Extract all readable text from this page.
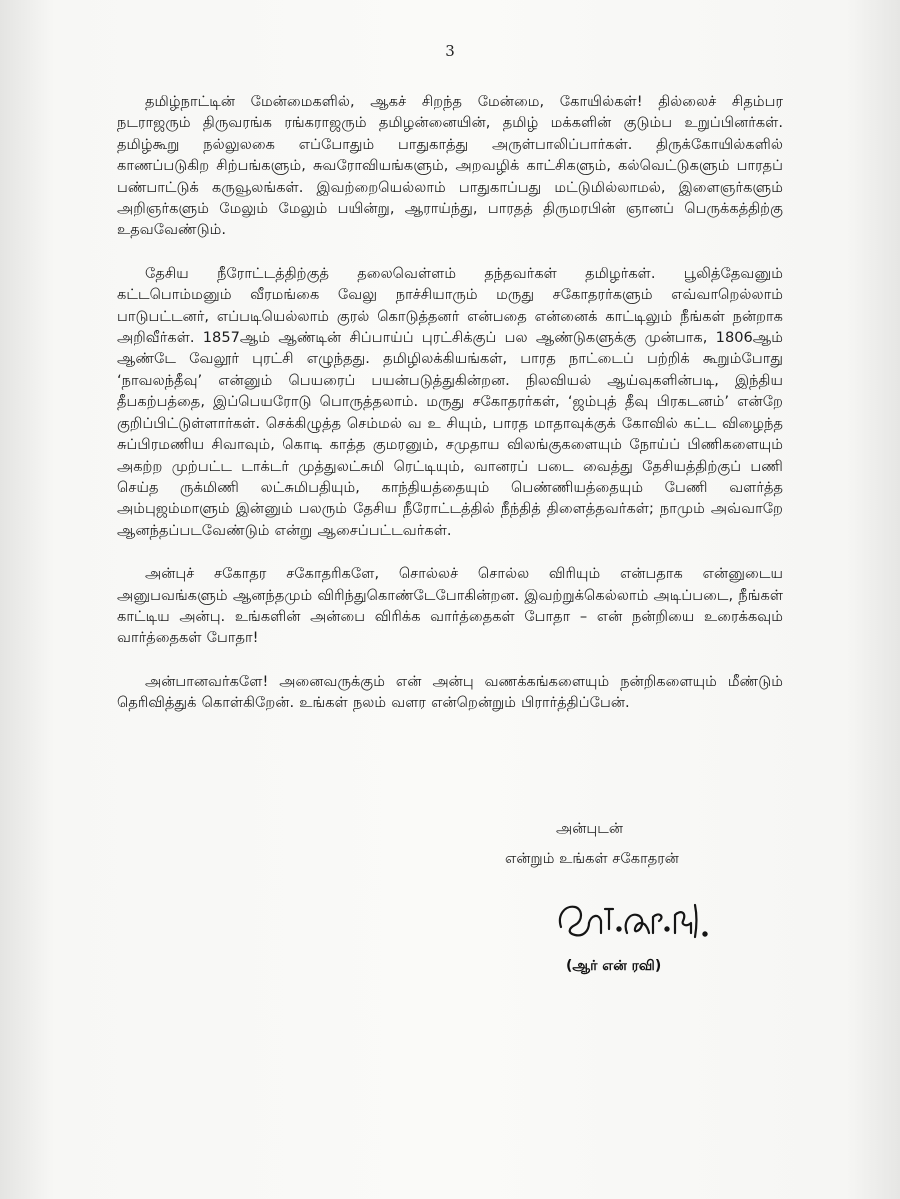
3

தமிழ்நாட்டின் மேன்மைகளில், ஆகச் சிறந்த மேன்மை, கோயில்கள்! தில்லைச் சிதம்பர நடராஜரும் திருவரங்க ரங்கராஜரும் தமிழன்னையின், தமிழ் மக்களின் குடும்ப உறுப்பினர்கள். தமிழ்கூறு நல்லுலகை எப்போதும் பாதுகாத்து அருள்பாலிப்பார்கள். திருக்கோயில்களில் காணப்படுகிற சிற்பங்களும், சுவரோவியங்களும், அறவழிக் காட்சிகளும், கல்வெட்டுகளும் பாரதப் பண்பாட்டுக் கருவூலங்கள். இவற்றையெல்லாம் பாதுகாப்பது மட்டுமில்லாமல், இளைஞர்களும் அறிஞர்களும் மேலும் மேலும் பயின்று, ஆராய்ந்து, பாரதத் திருமரபின் ஞானப் பெருக்கத்திற்கு உதவவேண்டும்.

தேசிய நீரோட்டத்திற்குத் தலைவெள்ளம் தந்தவர்கள் தமிழர்கள். பூலித்தேவனும் கட்டபொம்மனும் வீரமங்கை வேலு நாச்சியாரும் மருது சகோதரர்களும் எவ்வாறெல்லாம் பாடுபட்டனர், எப்படியெல்லாம் குரல் கொடுத்தனர் என்பதை என்னைக் காட்டிலும் நீங்கள் நன்றாக அறிவீர்கள். 1857ஆம் ஆண்டின் சிப்பாய்ப் புரட்சிக்குப் பல ஆண்டுகளுக்கு முன்பாக, 1806ஆம் ஆண்டே வேலூர் புரட்சி எழுந்தது. தமிழிலக்கியங்கள், பாரத நாட்டைப் பற்றிக் கூறும்போது ‘நாவலந்தீவு’ என்னும் பெயரைப் பயன்படுத்துகின்றன. நிலவியல் ஆய்வுகளின்படி, இந்திய தீபகற்பத்தை, இப்பெயரோடு பொருத்தலாம். மருது சகோதரர்கள், ‘ஜம்புத் தீவு பிரகடனம்’ என்றே குறிப்பிட்டுள்ளார்கள். செக்கிழுத்த செம்மல் வ உ சியும், பாரத மாதாவுக்குக் கோவில் கட்ட விழைந்த சுப்பிரமணிய சிவாவும், கொடி காத்த குமரனும், சமுதாய விலங்குகளையும் நோய்ப் பிணிகளையும் அகற்ற முற்பட்ட டாக்டர் முத்துலட்சுமி ரெட்டியும், வானரப் படை வைத்து தேசியத்திற்குப் பணி செய்த ருக்மிணி லட்சுமிபதியும், காந்தியத்தையும் பெண்ணியத்தையும் பேணி வளர்த்த அம்புஜம்மாளும் இன்னும் பலரும் தேசிய நீரோட்டத்தில் நீந்தித் திளைத்தவர்கள்; நாமும் அவ்வாறே ஆனந்தப்படவேண்டும் என்று ஆசைப்பட்டவர்கள்.

அன்புச் சகோதர சகோதரிகளே, சொல்லச் சொல்ல விரியும் என்பதாக என்னுடைய அனுபவங்களும் ஆனந்தமும் விரிந்துகொண்டேபோகின்றன. இவற்றுக்கெல்லாம் அடிப்படை, நீங்கள் காட்டிய அன்பு. உங்களின் அன்பை விரிக்க வார்த்தைகள் போதா – என் நன்றியை உரைக்கவும் வார்த்தைகள் போதா!

அன்பானவர்களே! அனைவருக்கும் என் அன்பு வணக்கங்களையும் நன்றிகளையும் மீண்டும் தெரிவித்துக் கொள்கிறேன். உங்கள் நலம் வளர என்றென்றும் பிரார்த்திப்பேன்.

அன்புடன்
என்றும் உங்கள் சகோதரன்
(ஆர் என் ரவி)
